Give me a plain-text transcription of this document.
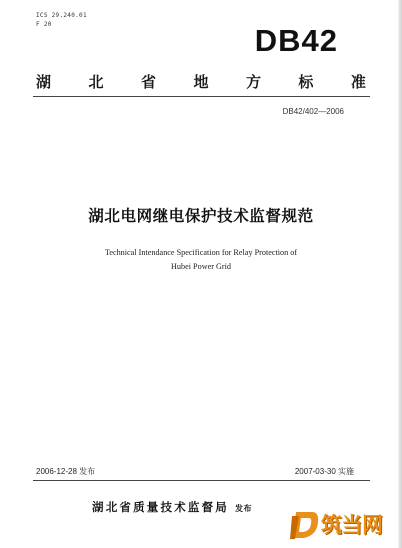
ICS 29.240.01
F 20	DB42
湖 北 省 地 方 标 准
DB42/402—2006
湖北电网继电保护技术监督规范
Technical Intendance Specification for Relay Protection of
Hubei Power Grid
2006-12-28 发布	2007-03-30 实施
湖北省质量技术监督局 发布
筑当网
